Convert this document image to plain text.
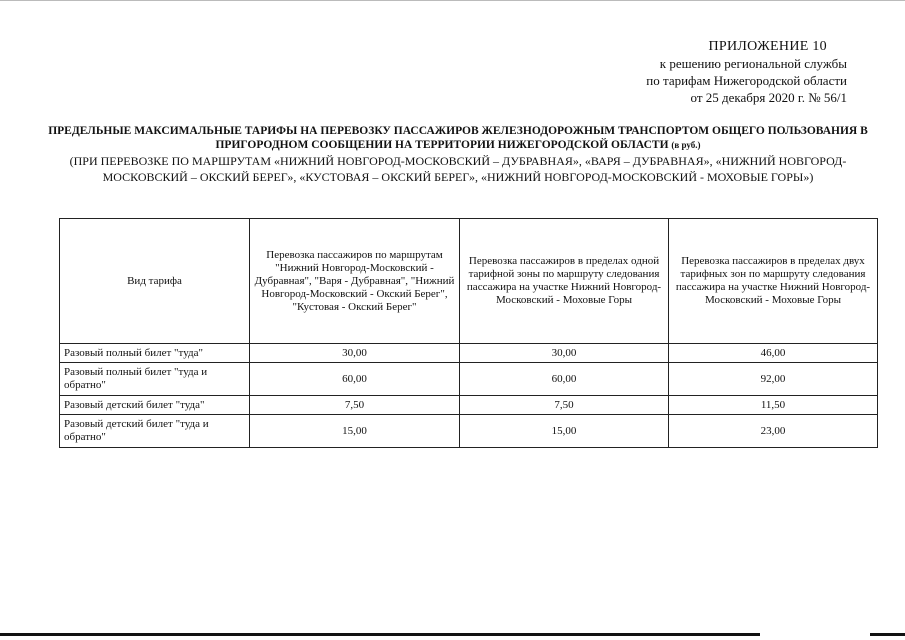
ПРИЛОЖЕНИЕ 10
к решению региональной службы
по тарифам Нижегородской области
от 25 декабря 2020 г. № 56/1
ПРЕДЕЛЬНЫЕ МАКСИМАЛЬНЫЕ ТАРИФЫ НА ПЕРЕВОЗКУ ПАССАЖИРОВ ЖЕЛЕЗНОДОРОЖНЫМ ТРАНСПОРТОМ ОБЩЕГО ПОЛЬЗОВАНИЯ В ПРИГОРОДНОМ СООБЩЕНИИ НА ТЕРРИТОРИИ НИЖЕГОРОДСКОЙ ОБЛАСТИ (в руб.)
(ПРИ ПЕРЕВОЗКЕ ПО МАРШРУТАМ «НИЖНИЙ НОВГОРОД-МОСКОВСКИЙ – ДУБРАВНАЯ», «ВАРЯ – ДУБРАВНАЯ», «НИЖНИЙ НОВГОРОД-МОСКОВСКИЙ – ОКСКИЙ БЕРЕГ», «КУСТОВАЯ – ОКСКИЙ БЕРЕГ», «НИЖНИЙ НОВГОРОД-МОСКОВСКИЙ - МОХОВЫЕ ГОРЫ»)
Вид тарифа	Перевозка пассажиров по маршрутам "Нижний Новгород-Московский - Дубравная", "Варя - Дубравная", "Нижний Новгород-Московский - Окский Берег", "Кустовая - Окский Берег"	Перевозка пассажиров в пределах одной тарифной зоны по маршруту следования пассажира на участке Нижний Новгород-Московский - Моховые Горы	Перевозка пассажиров в пределах двух тарифных зон по маршруту следования пассажира на участке Нижний Новгород-Московский - Моховые Горы
Разовый полный билет "туда"	30,00	30,00	46,00
Разовый полный билет "туда и обратно"	60,00	60,00	92,00
Разовый детский билет "туда"	7,50	7,50	11,50
Разовый детский билет "туда и обратно"	15,00	15,00	23,00
